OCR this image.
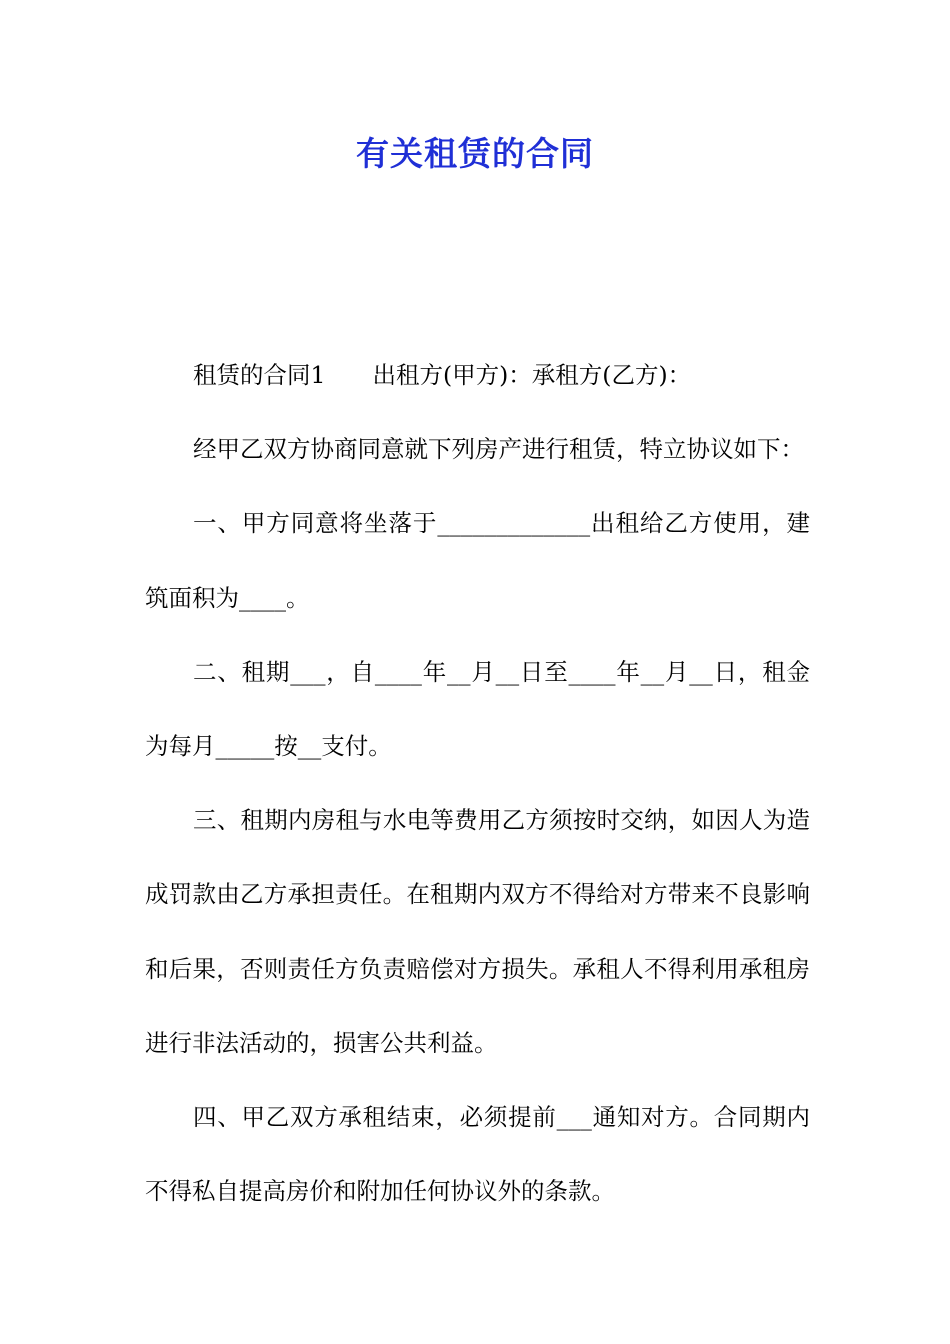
有关租赁的合同

租赁的合同1　　出租方(甲方)：承租方(乙方)：

经甲乙双方协商同意就下列房产进行租赁，特立协议如下：

一、甲方同意将坐落于_____________出租给乙方使用，建筑面积为____。

二、租期___，自____年__月__日至____年__月__日，租金为每月_____按__支付。

三、租期内房租与水电等费用乙方须按时交纳，如因人为造成罚款由乙方承担责任。在租期内双方不得给对方带来不良影响和后果，否则责任方负责赔偿对方损失。承租人不得利用承租房进行非法活动的，损害公共利益。

四、甲乙双方承租结束，必须提前___通知对方。合同期内不得私自提高房价和附加任何协议外的条款。
